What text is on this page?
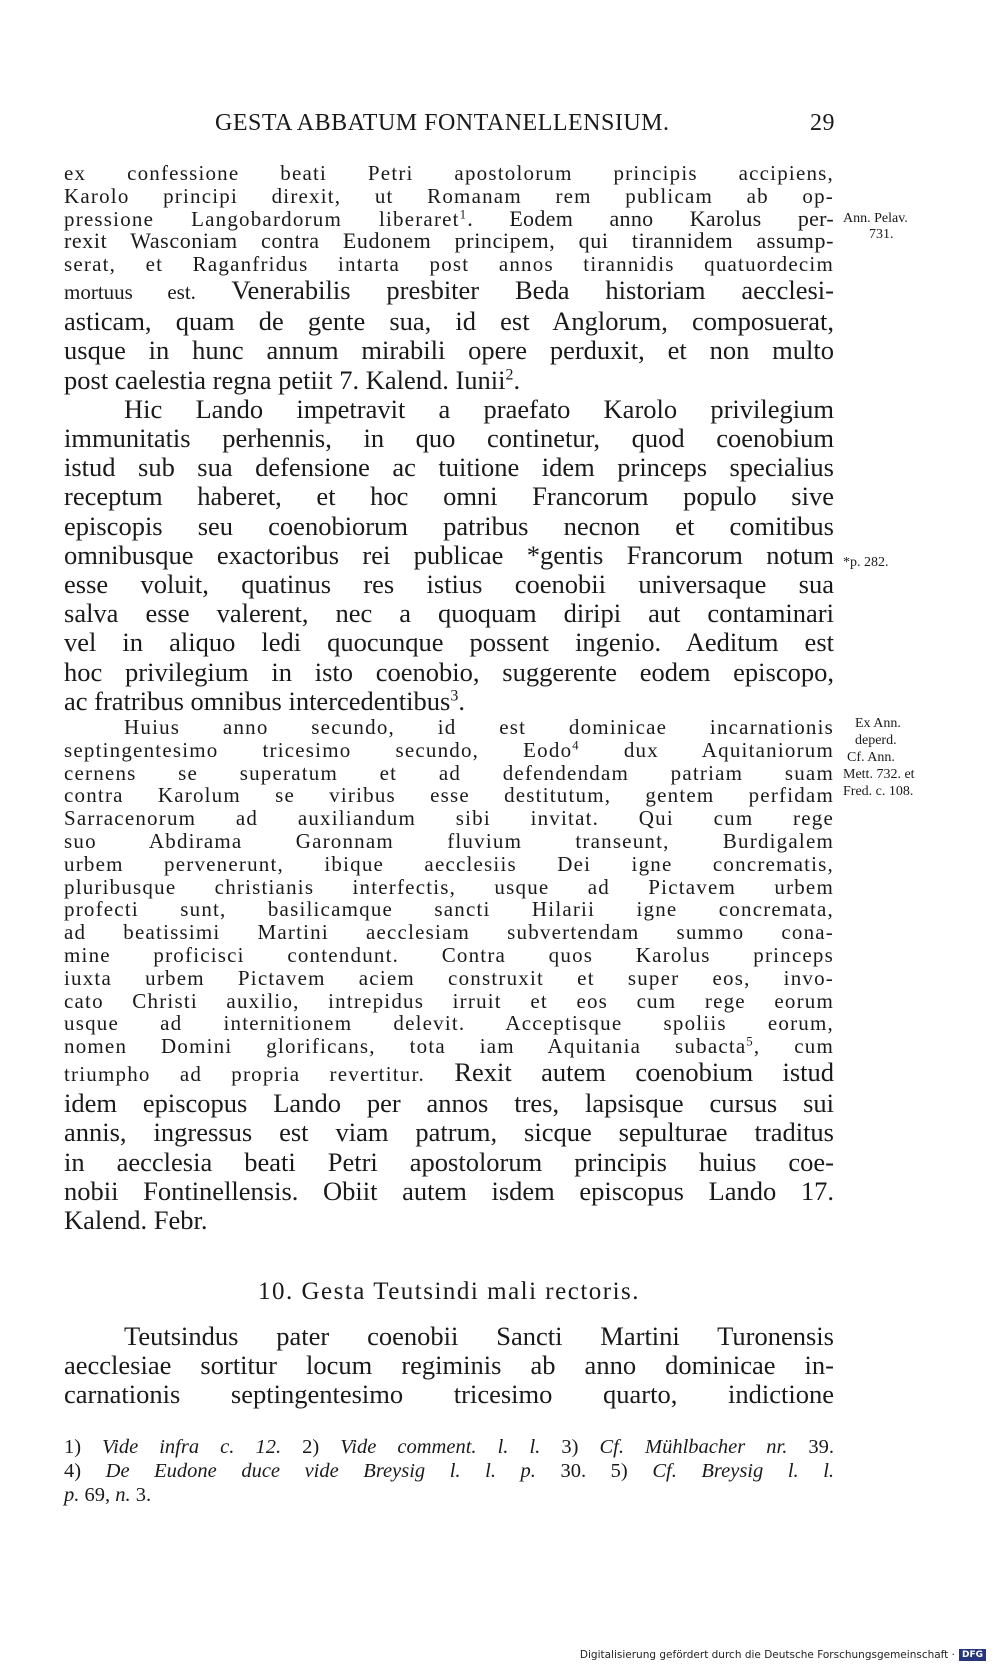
GESTA ABBATUM FONTANELLENSIUM.	29
ex confessione beati Petri apostolorum principis accipiens,
Karolo principi direxit, ut Romanam rem publicam ab op-
pressione Langobardorum liberaret$^1$. Eodem anno Karolus per-
rexit Wasconiam contra Eudonem principem, qui tirannidem assump-
serat, et Raganfridus intarta post annos tirannidis quatuordecim
mortuus est. Venerabilis presbiter Beda historiam aecclesi-
asticam, quam de gente sua, id est Anglorum, composuerat,
usque in hunc annum mirabili opere perduxit, et non multo
post caelestia regna petiit 7. Kalend. Iunii$^2$.
Hic Lando impetravit a praefato Karolo privilegium
immunitatis perhennis, in quo continetur, quod coenobium
istud sub sua defensione ac tuitione idem princeps specialius
receptum haberet, et hoc omni Francorum populo sive
episcopis seu coenobiorum patribus necnon et comitibus
omnibusque exactoribus rei publicae *gentis Francorum notum
esse voluit, quatinus res istius coenobii universaque sua
salva esse valerent, nec a quoquam diripi aut contaminari
vel in aliquo ledi quocunque possent ingenio. Aeditum est
hoc privilegium in isto coenobio, suggerente eodem episcopo,
ac fratribus omnibus intercedentibus$^3$.
Huius anno secundo, id est dominicae incarnationis
septingentesimo tricesimo secundo, Eodo$^4$ dux Aquitaniorum
cernens se superatum et ad defendendam patriam suam
contra Karolum se viribus esse destitutum, gentem perfidam
Sarracenorum ad auxiliandum sibi invitat. Qui cum rege
suo Abdirama Garonnam fluvium transeunt, Burdigalem
urbem pervenerunt, ibique aecclesiis Dei igne concrematis,
pluribusque christianis interfectis, usque ad Pictavem urbem
profecti sunt, basilicamque sancti Hilarii igne concremata,
ad beatissimi Martini aecclesiam subvertendam summo cona-
mine proficisci contendunt. Contra quos Karolus princeps
iuxta urbem Pictavem aciem construxit et super eos, invo-
cato Christi auxilio, intrepidus irruit et eos cum rege eorum
usque ad internitionem delevit. Acceptisque spoliis eorum,
nomen Domini glorificans, tota iam Aquitania subacta$^5$, cum
triumpho ad propria revertitur. Rexit autem coenobium istud
idem episcopus Lando per annos tres, lapsisque cursus sui
annis, ingressus est viam patrum, sicque sepulturae traditus
in aecclesia beati Petri apostolorum principis huius coe-
nobii Fontinellensis. Obiit autem isdem episcopus Lando 17.
Kalend. Febr.
Ann. Pelav.
731.
*p. 282.
Ex Ann.
deperd.
Cf. Ann.
Mett. 732. et
Fred. c. 108.
10. Gesta Teutsindi mali rectoris.
Teutsindus pater coenobii Sancti Martini Turonensis
aecclesiae sortitur locum regiminis ab anno dominicae in-
carnationis septingentesimo tricesimo quarto, indictione
1) Vide infra c. 12. 2) Vide comment. l. l. 3) Cf. Mühlbacher nr. 39.
4) De Eudone duce vide Breysig l. l. p. 30. 5) Cf. Breysig l. l.
p. 69, n. 3.
Digitalisierung gefördert durch die Deutsche Forschungsgemeinschaft · DFG
